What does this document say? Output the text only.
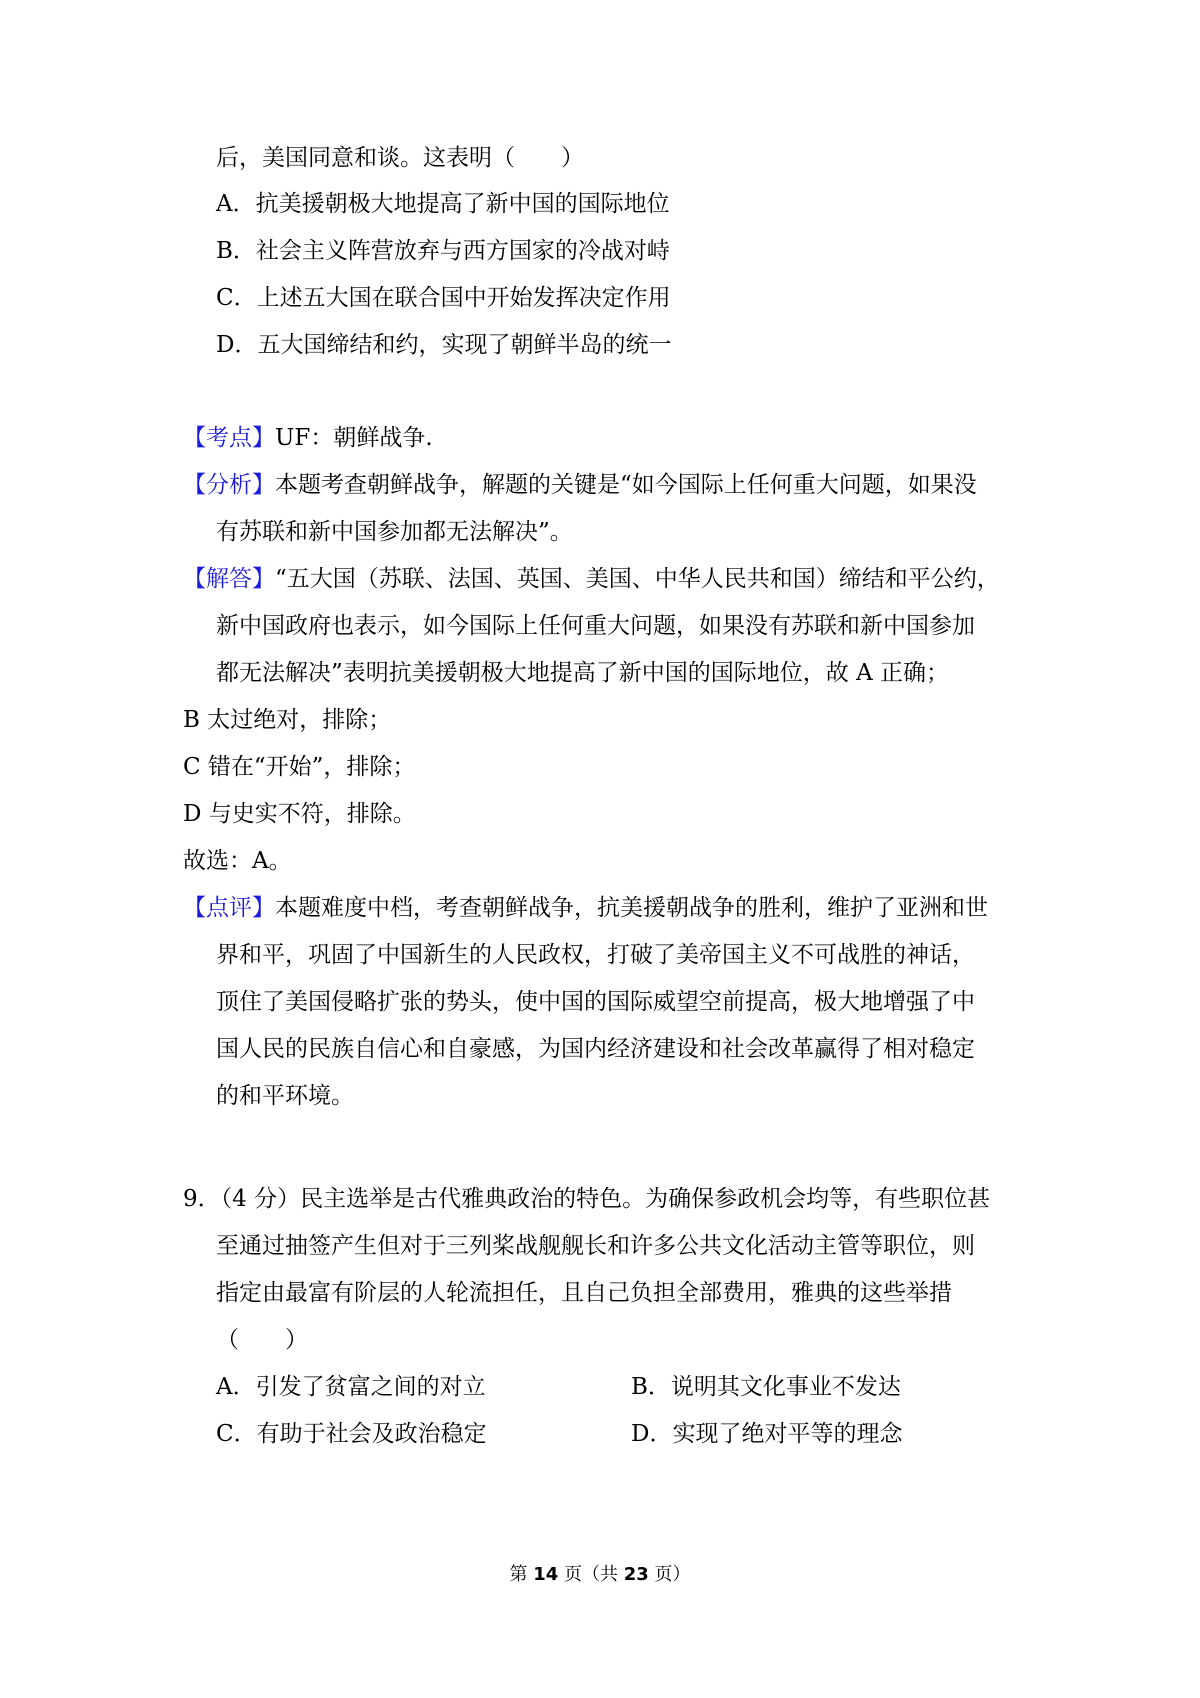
后，美国同意和谈。这表明（　　）
A．抗美援朝极大地提高了新中国的国际地位
B．社会主义阵营放弃与西方国家的冷战对峙
C．上述五大国在联合国中开始发挥决定作用
D．五大国缔结和约，实现了朝鲜半岛的统一
【考点】UF：朝鲜战争.
【分析】本题考查朝鲜战争，解题的关键是“如今国际上任何重大问题，如果没
有苏联和新中国参加都无法解决”。
【解答】“五大国（苏联、法国、英国、美国、中华人民共和国）缔结和平公约，
新中国政府也表示，如今国际上任何重大问题，如果没有苏联和新中国参加
都无法解决”表明抗美援朝极大地提高了新中国的国际地位，故 A 正确；
B 太过绝对，排除；
C 错在“开始”，排除；
D 与史实不符，排除。
故选：A。
【点评】本题难度中档，考查朝鲜战争，抗美援朝战争的胜利，维护了亚洲和世
界和平，巩固了中国新生的人民政权，打破了美帝国主义不可战胜的神话，
顶住了美国侵略扩张的势头，使中国的国际威望空前提高，极大地增强了中
国人民的民族自信心和自豪感，为国内经济建设和社会改革赢得了相对稳定
的和平环境。
9．（4 分）民主选举是古代雅典政治的特色。为确保参政机会均等，有些职位甚
至通过抽签产生但对于三列桨战舰舰长和许多公共文化活动主管等职位，则
指定由最富有阶层的人轮流担任，且自己负担全部费用，雅典的这些举措
（　　）
A．引发了贫富之间的对立	B．说明其文化事业不发达
C．有助于社会及政治稳定	D．实现了绝对平等的理念
第 14 页（共 23 页）
